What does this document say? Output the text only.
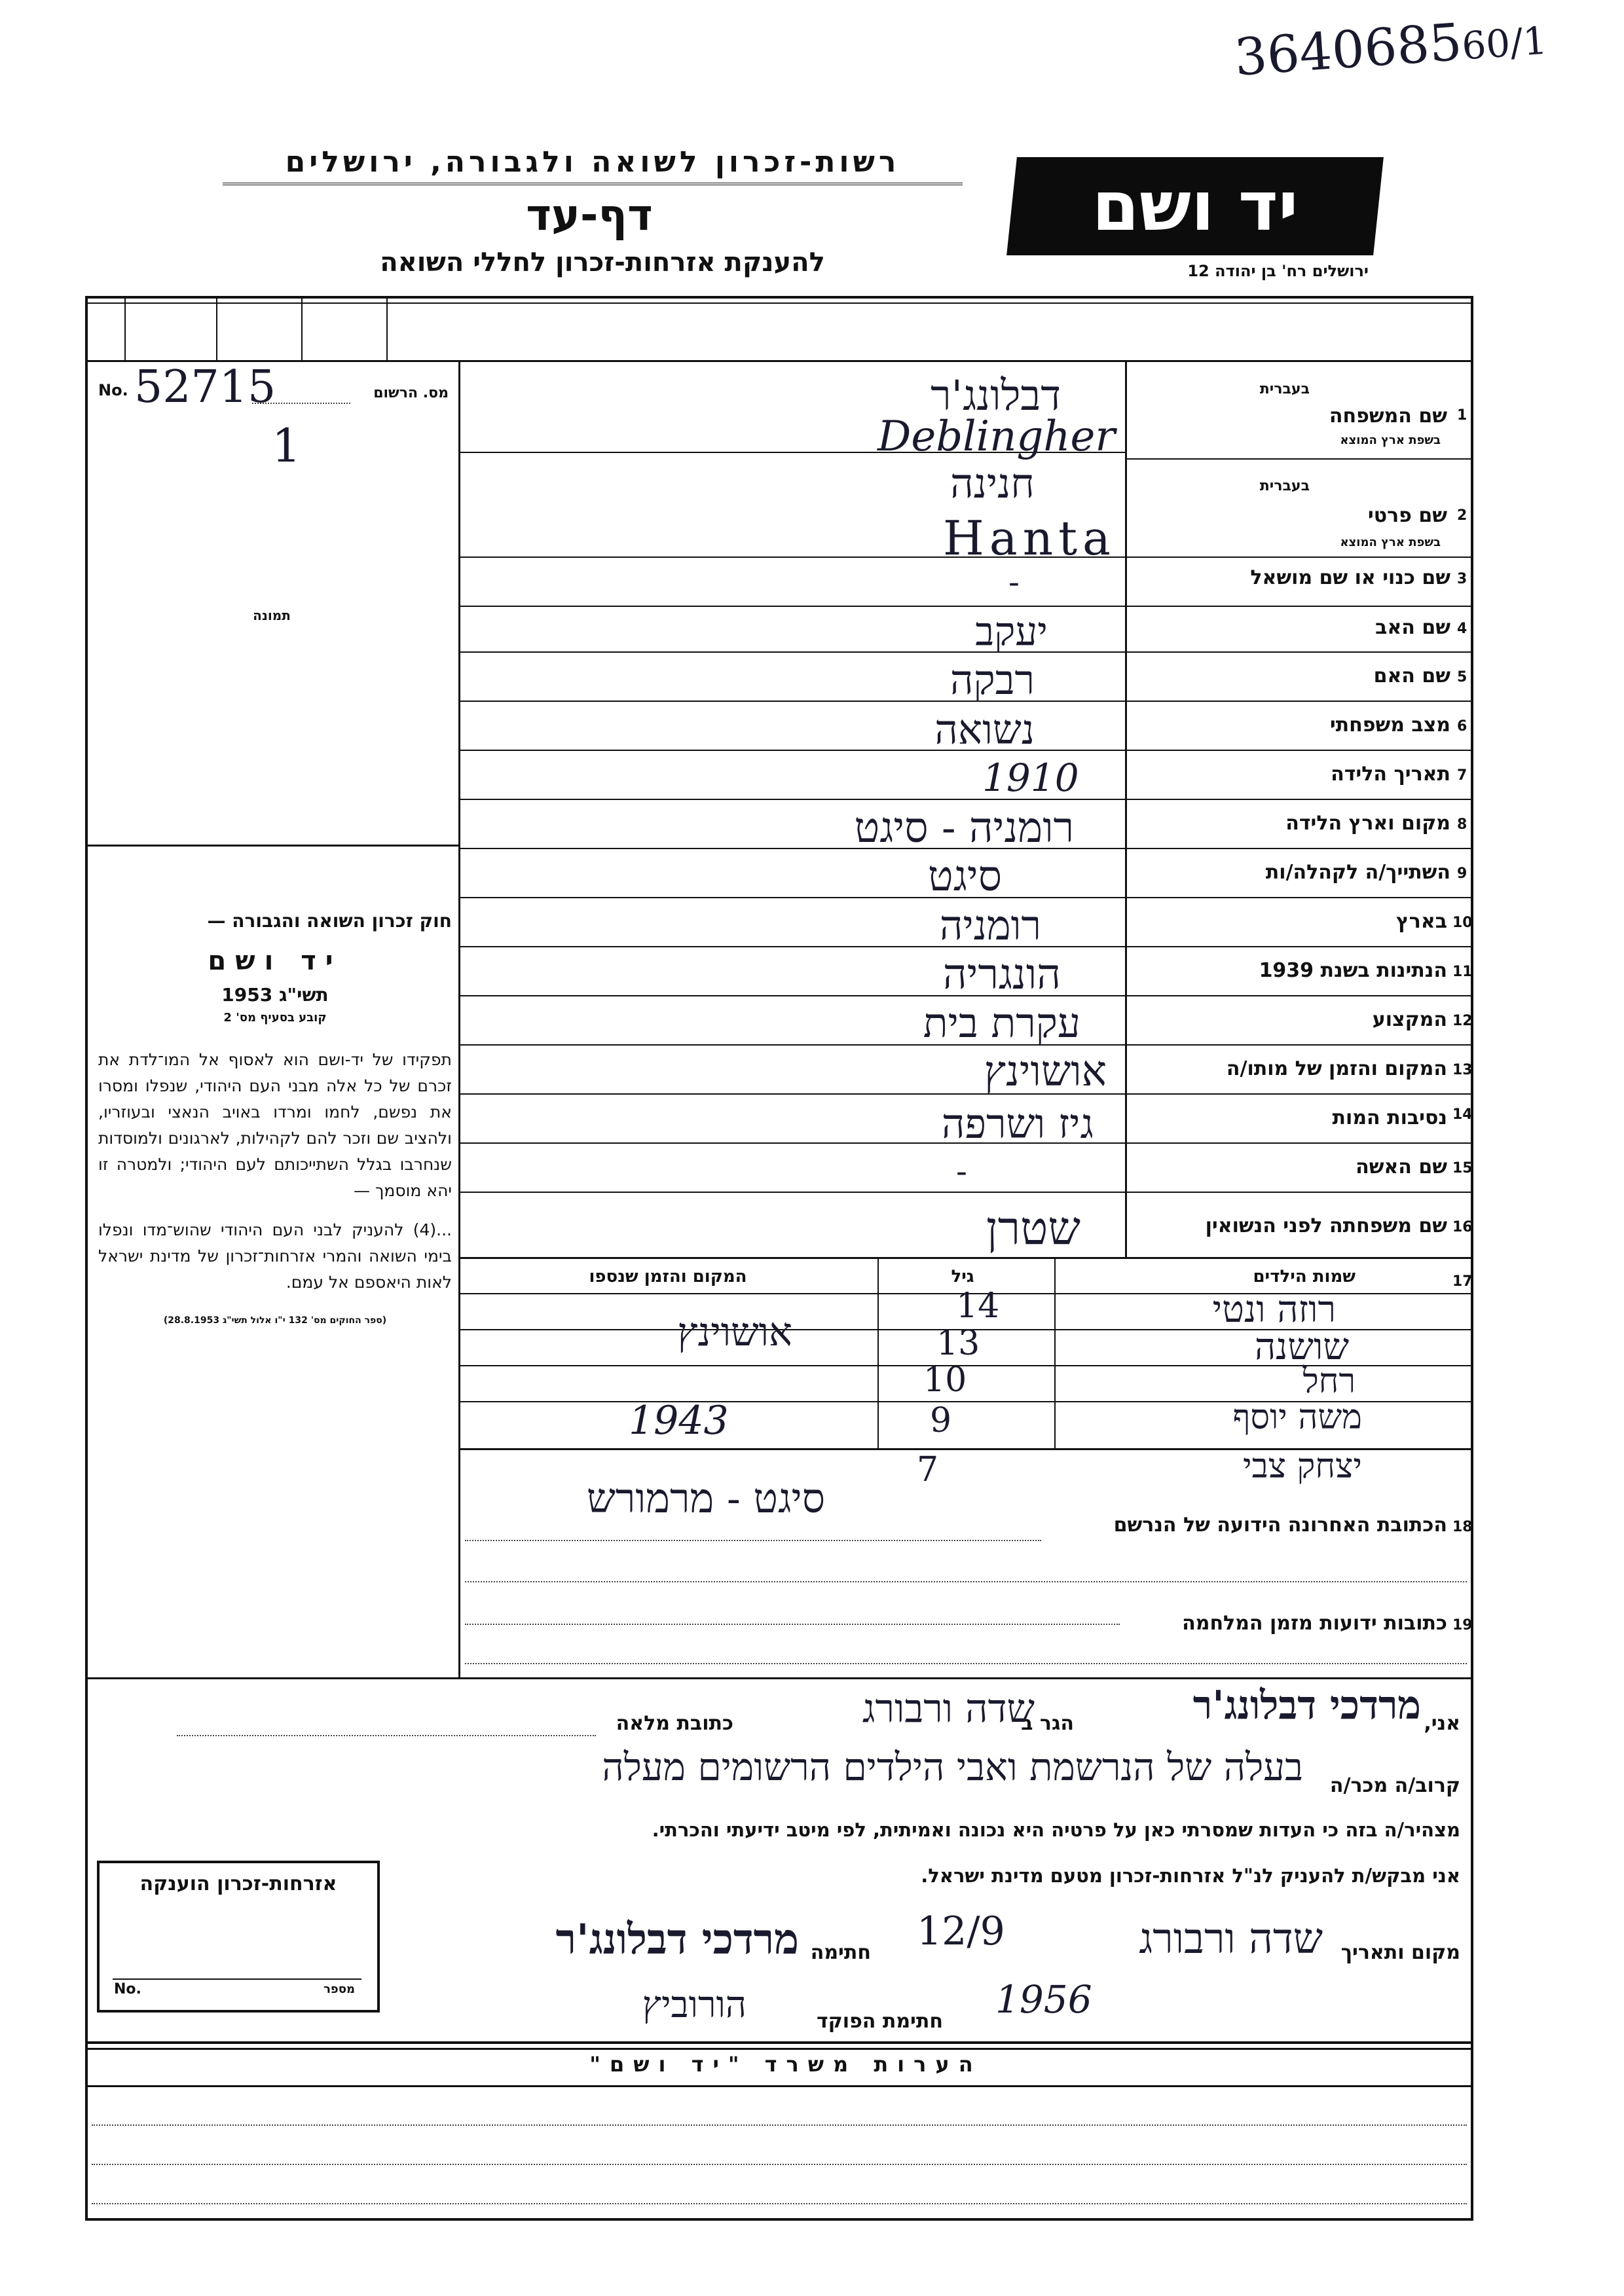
364068560/1
רשות-זכרון לשואה ולגבורה, ירושלים
דף-עד
להענקת אזרחות-זכרון לחללי השואה
יד ושם
ירושלים רח' בן יהודה 12
No. 52715	מס. הרשום
1
תמונה
חוק זכרון השואה והגבורה —
יד ושם
תשי"ג 1953
קובע בסעיף מס' 2
תפקידו של יד-ושם הוא לאסוף אל המו־לדת את זכרם של כל אלה מבני העם היהודי, שנפלו ומסרו את נפשם, לחמו ומרדו באויב הנאצי ובעוזריו, ולהציב שם וזכר להם לקהילות, לארגונים ולמוסדות שנחרבו בגלל השתייכותם לעם היהודי; ולמטרה זו יהא מוסמך —
...(4) להעניק לבני העם היהודי שהוש־מדו ונפלו בימי השואה והמרי אזרחות־זכרון של מדינת ישראל לאות היאספם אל עמם.
(ספר החוקים מס' 132 י"ו אלול תשי"ג 28.8.1953)
1
בעברית
שם המשפחה
בשפת ארץ המוצא
דבלונג'ר
Deblingher
2
בעברית
שם פרטי
בשפת ארץ המוצא
חנינה
Hanta
3
שם כנוי או שם מושאל
-
4
שם האב
יעקב
5
שם האם
רבקה
6
מצב משפחתי
נשואה
7
תאריך הלידה
1910
8
מקום וארץ הלידה
רומניה - סיגט
9
השתייך/ה לקהלה/ות
סיגט
10
בארץ
רומניה
11
הנתינות בשנת 1939
הונגריה
12
המקצוע
עקרת בית
13
המקום והזמן של מותו/ה
אושוינץ
14
נסיבות המות
גיז ושרפה
15
שם האשה
-
16
שם משפחתה לפני הנשואין
שטרן
17
שמות הילדים
גיל
המקום והזמן שנספו
רוזה ונטי
14
שושנה
13
אושוינץ
רחל
10
משה יוסף
9
1943
יצחק צבי
7
סיגט - מרמורש
18
הכתובת האחרונה הידועה של הנרשם
19
כתובות ידועות מזמן המלחמה
אני,
מרדכי דבלונג'ר
הגר ב
שדה ורבורג
כתובת מלאה
קרוב/ה מכר/ה
בעלה של הנרשמת ואבי הילדים הרשומים מעלה
מצהיר/ה בזה כי העדות שמסרתי כאן על פרטיה היא נכונה ואמיתית, לפי מיטב ידיעתי והכרתי.
אני מבקש/ת להעניק לנ"ל אזרחות-זכרון מטעם מדינת ישראל.
אזרחות-זכרון הוענקה
No.	מספר
מקום ותאריך
שדה ורבורג
12/9
חתימה
מרדכי דבלונג'ר
1956
חתימת הפוקד
הורוביץ
הערות משרד "יד ושם"
